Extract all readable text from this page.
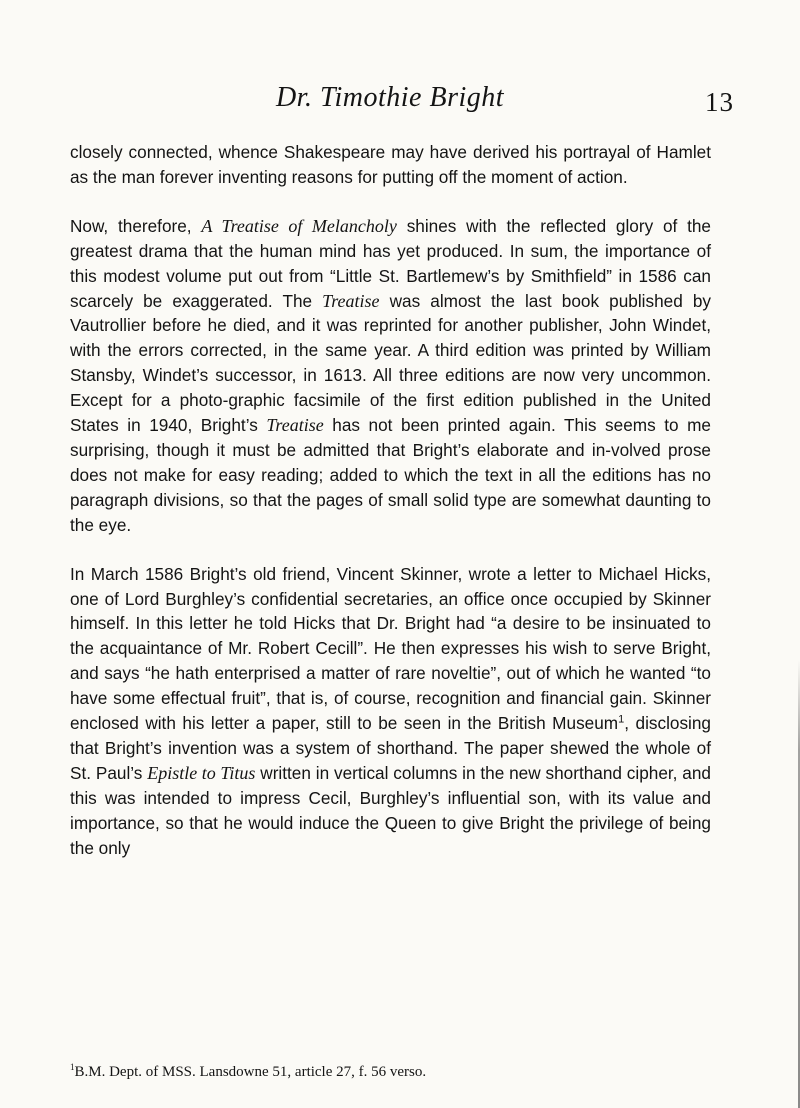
Dr. Timothie Bright	13

closely connected, whence Shakespeare may have derived his portrayal of Hamlet as the man forever inventing reasons for putting off the moment of action.

Now, therefore, A Treatise of Melancholy shines with the reflected glory of the greatest drama that the human mind has yet produced. In sum, the importance of this modest volume put out from “Little St. Bartlemew’s by Smithfield” in 1586 can scarcely be exaggerated. The Treatise was almost the last book published by Vautrollier before he died, and it was reprinted for another publisher, John Windet, with the errors corrected, in the same year. A third edition was printed by William Stansby, Windet’s successor, in 1613. All three editions are now very uncommon. Except for a photo-graphic facsimile of the first edition published in the United States in 1940, Bright’s Treatise has not been printed again. This seems to me surprising, though it must be admitted that Bright’s elaborate and in-volved prose does not make for easy reading; added to which the text in all the editions has no paragraph divisions, so that the pages of small solid type are somewhat daunting to the eye.

In March 1586 Bright’s old friend, Vincent Skinner, wrote a letter to Michael Hicks, one of Lord Burghley’s confidential secretaries, an office once occupied by Skinner himself. In this letter he told Hicks that Dr. Bright had “a desire to be insinuated to the acquaintance of Mr. Robert Cecill”. He then expresses his wish to serve Bright, and says “he hath enterprised a matter of rare noveltie”, out of which he wanted “to have some effectual fruit”, that is, of course, recognition and financial gain. Skinner enclosed with his letter a paper, still to be seen in the British Museum$^1$, disclosing that Bright’s invention was a system of shorthand. The paper shewed the whole of St. Paul’s Epistle to Titus written in vertical columns in the new shorthand cipher, and this was intended to impress Cecil, Burghley’s influential son, with its value and importance, so that he would induce the Queen to give Bright the privilege of being the only

$^1$B.M. Dept. of MSS. Lansdowne 51, article 27, f. 56 verso.
